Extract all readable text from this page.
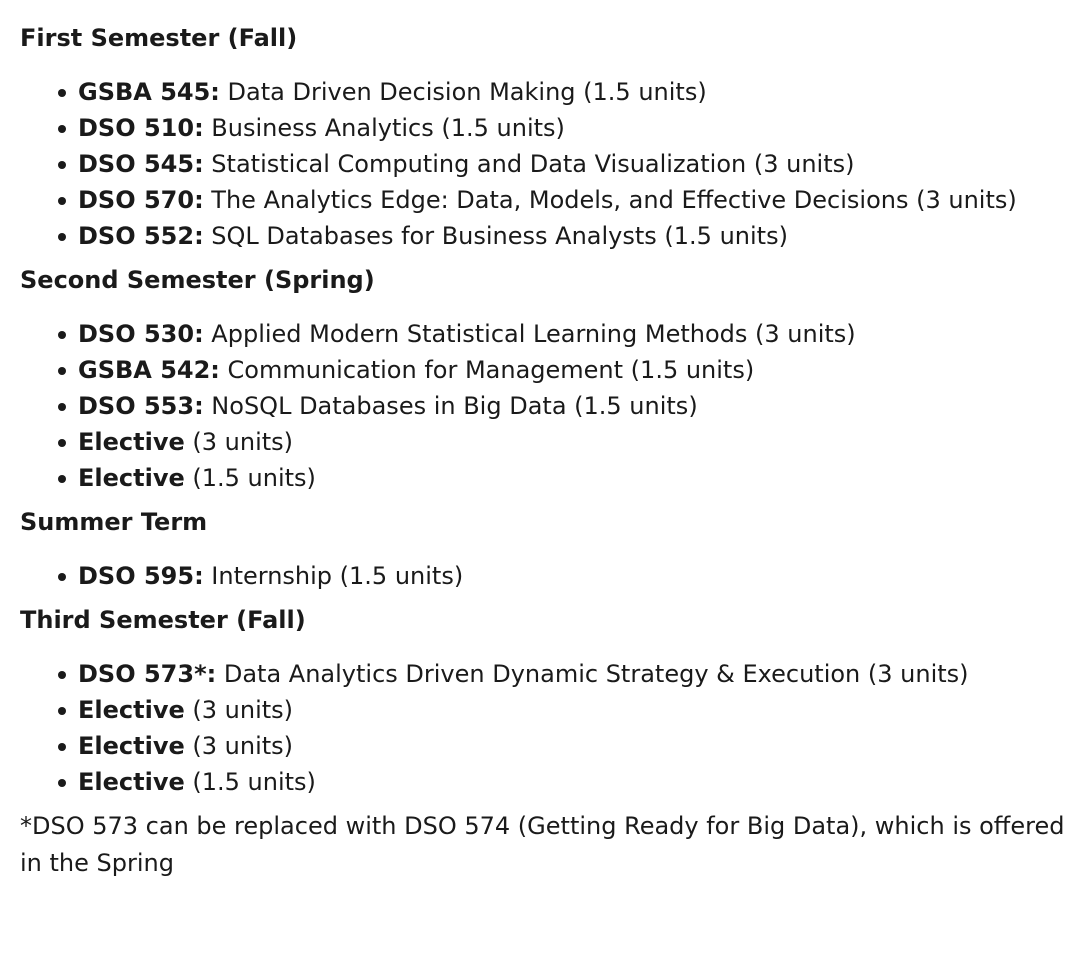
First Semester (Fall)
GSBA 545: Data Driven Decision Making (1.5 units)
DSO 510: Business Analytics (1.5 units)
DSO 545: Statistical Computing and Data Visualization (3 units)
DSO 570: The Analytics Edge: Data, Models, and Effective Decisions (3 units)
DSO 552: SQL Databases for Business Analysts (1.5 units)
Second Semester (Spring)
DSO 530: Applied Modern Statistical Learning Methods (3 units)
GSBA 542: Communication for Management (1.5 units)
DSO 553: NoSQL Databases in Big Data (1.5 units)
Elective (3 units)
Elective (1.5 units)
Summer Term
DSO 595: Internship (1.5 units)
Third Semester (Fall)
DSO 573*: Data Analytics Driven Dynamic Strategy & Execution (3 units)
Elective (3 units)
Elective (3 units)
Elective (1.5 units)

*DSO 573 can be replaced with DSO 574 (Getting Ready for Big Data), which is offered in the Spring
